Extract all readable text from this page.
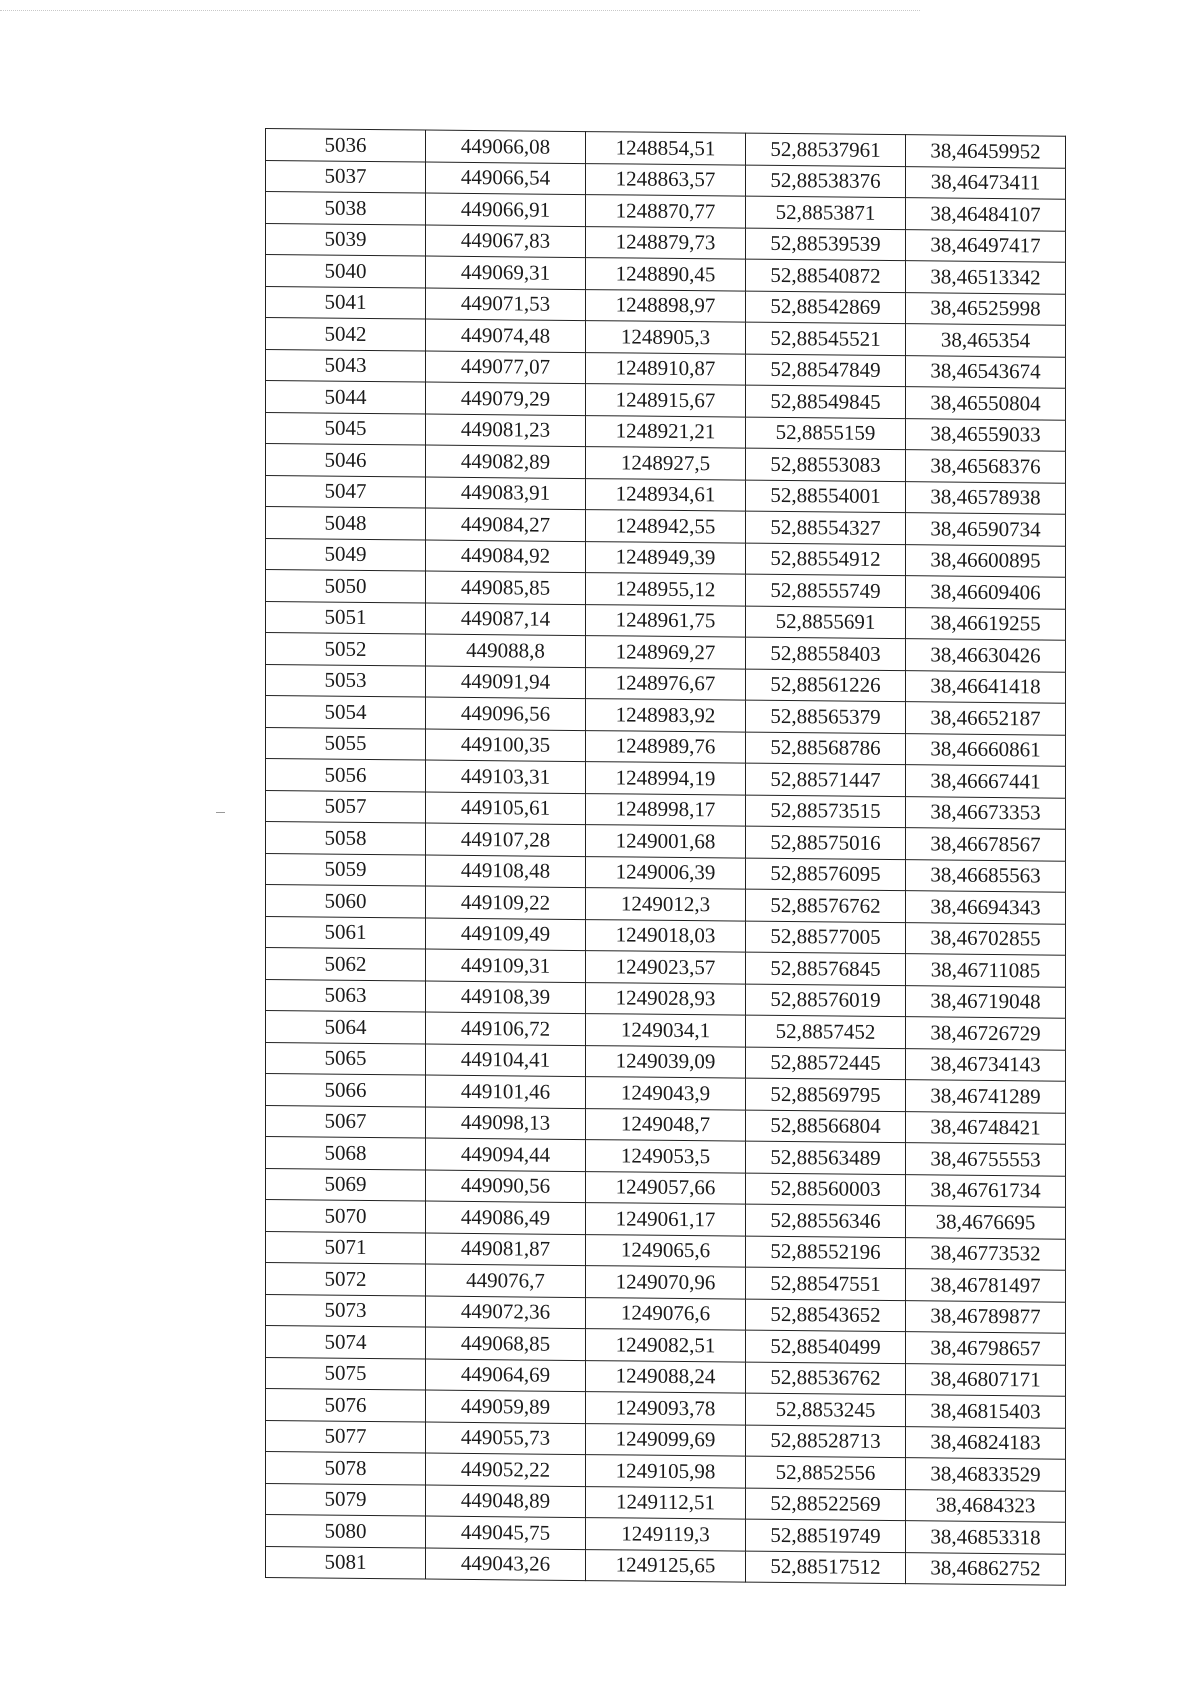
5036	449066,08	1248854,51	52,88537961	38,46459952
5037	449066,54	1248863,57	52,88538376	38,46473411
5038	449066,91	1248870,77	52,8853871	38,46484107
5039	449067,83	1248879,73	52,88539539	38,46497417
5040	449069,31	1248890,45	52,88540872	38,46513342
5041	449071,53	1248898,97	52,88542869	38,46525998
5042	449074,48	1248905,3	52,88545521	38,465354
5043	449077,07	1248910,87	52,88547849	38,46543674
5044	449079,29	1248915,67	52,88549845	38,46550804
5045	449081,23	1248921,21	52,8855159	38,46559033
5046	449082,89	1248927,5	52,88553083	38,46568376
5047	449083,91	1248934,61	52,88554001	38,46578938
5048	449084,27	1248942,55	52,88554327	38,46590734
5049	449084,92	1248949,39	52,88554912	38,46600895
5050	449085,85	1248955,12	52,88555749	38,46609406
5051	449087,14	1248961,75	52,8855691	38,46619255
5052	449088,8	1248969,27	52,88558403	38,46630426
5053	449091,94	1248976,67	52,88561226	38,46641418
5054	449096,56	1248983,92	52,88565379	38,46652187
5055	449100,35	1248989,76	52,88568786	38,46660861
5056	449103,31	1248994,19	52,88571447	38,46667441
5057	449105,61	1248998,17	52,88573515	38,46673353
5058	449107,28	1249001,68	52,88575016	38,46678567
5059	449108,48	1249006,39	52,88576095	38,46685563
5060	449109,22	1249012,3	52,88576762	38,46694343
5061	449109,49	1249018,03	52,88577005	38,46702855
5062	449109,31	1249023,57	52,88576845	38,46711085
5063	449108,39	1249028,93	52,88576019	38,46719048
5064	449106,72	1249034,1	52,8857452	38,46726729
5065	449104,41	1249039,09	52,88572445	38,46734143
5066	449101,46	1249043,9	52,88569795	38,46741289
5067	449098,13	1249048,7	52,88566804	38,46748421
5068	449094,44	1249053,5	52,88563489	38,46755553
5069	449090,56	1249057,66	52,88560003	38,46761734
5070	449086,49	1249061,17	52,88556346	38,4676695
5071	449081,87	1249065,6	52,88552196	38,46773532
5072	449076,7	1249070,96	52,88547551	38,46781497
5073	449072,36	1249076,6	52,88543652	38,46789877
5074	449068,85	1249082,51	52,88540499	38,46798657
5075	449064,69	1249088,24	52,88536762	38,46807171
5076	449059,89	1249093,78	52,8853245	38,46815403
5077	449055,73	1249099,69	52,88528713	38,46824183
5078	449052,22	1249105,98	52,8852556	38,46833529
5079	449048,89	1249112,51	52,88522569	38,4684323
5080	449045,75	1249119,3	52,88519749	38,46853318
5081	449043,26	1249125,65	52,88517512	38,46862752
